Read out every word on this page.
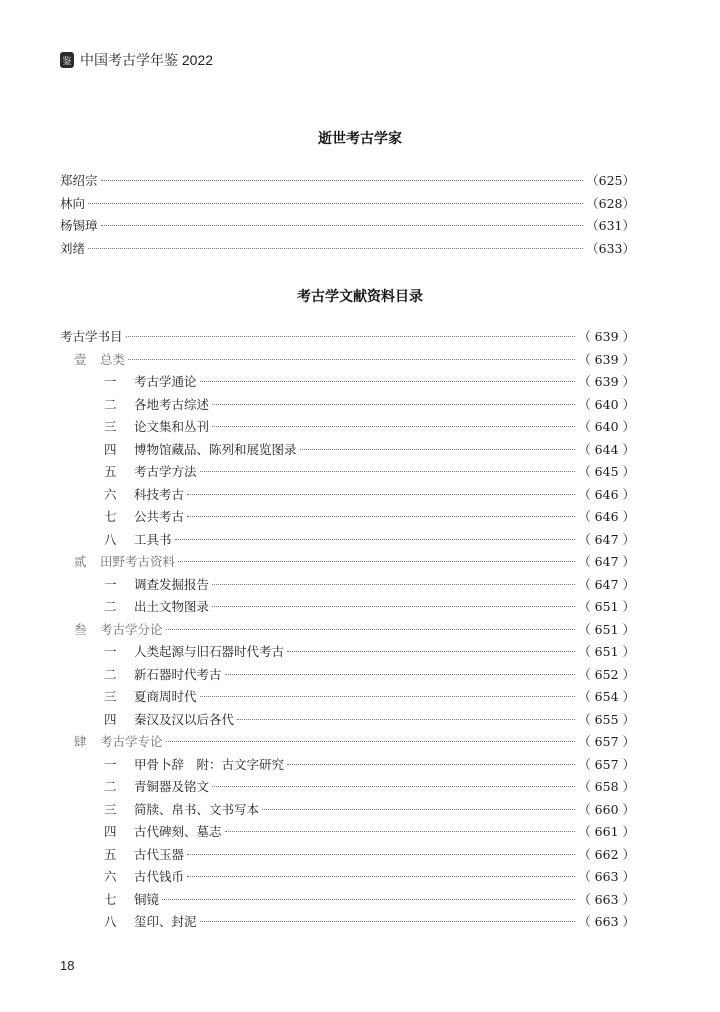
鉴 中国考古学年鉴 2022
逝世考古学家
郑绍宗	（625）
林向	（628）
杨锡璋	（631）
刘绪	（633）
考古学文献资料目录
考古学书目	（ 639 ）
壹	总类	（ 639 ）
一	考古学通论	（ 639 ）
二	各地考古综述	（ 640 ）
三	论文集和丛刊	（ 640 ）
四	博物馆藏品、陈列和展览图录	（ 644 ）
五	考古学方法	（ 645 ）
六	科技考古	（ 646 ）
七	公共考古	（ 646 ）
八	工具书	（ 647 ）
贰	田野考古资料	（ 647 ）
一	调查发掘报告	（ 647 ）
二	出土文物图录	（ 651 ）
叁	考古学分论	（ 651 ）
一	人类起源与旧石器时代考古	（ 651 ）
二	新石器时代考古	（ 652 ）
三	夏商周时代	（ 654 ）
四	秦汉及汉以后各代	（ 655 ）
肆	考古学专论	（ 657 ）
一	甲骨卜辞　附：古文字研究	（ 657 ）
二	青铜器及铭文	（ 658 ）
三	简牍、帛书、文书写本	（ 660 ）
四	古代碑刻、墓志	（ 661 ）
五	古代玉器	（ 662 ）
六	古代钱币	（ 663 ）
七	铜镜	（ 663 ）
八	玺印、封泥	（ 663 ）
18
